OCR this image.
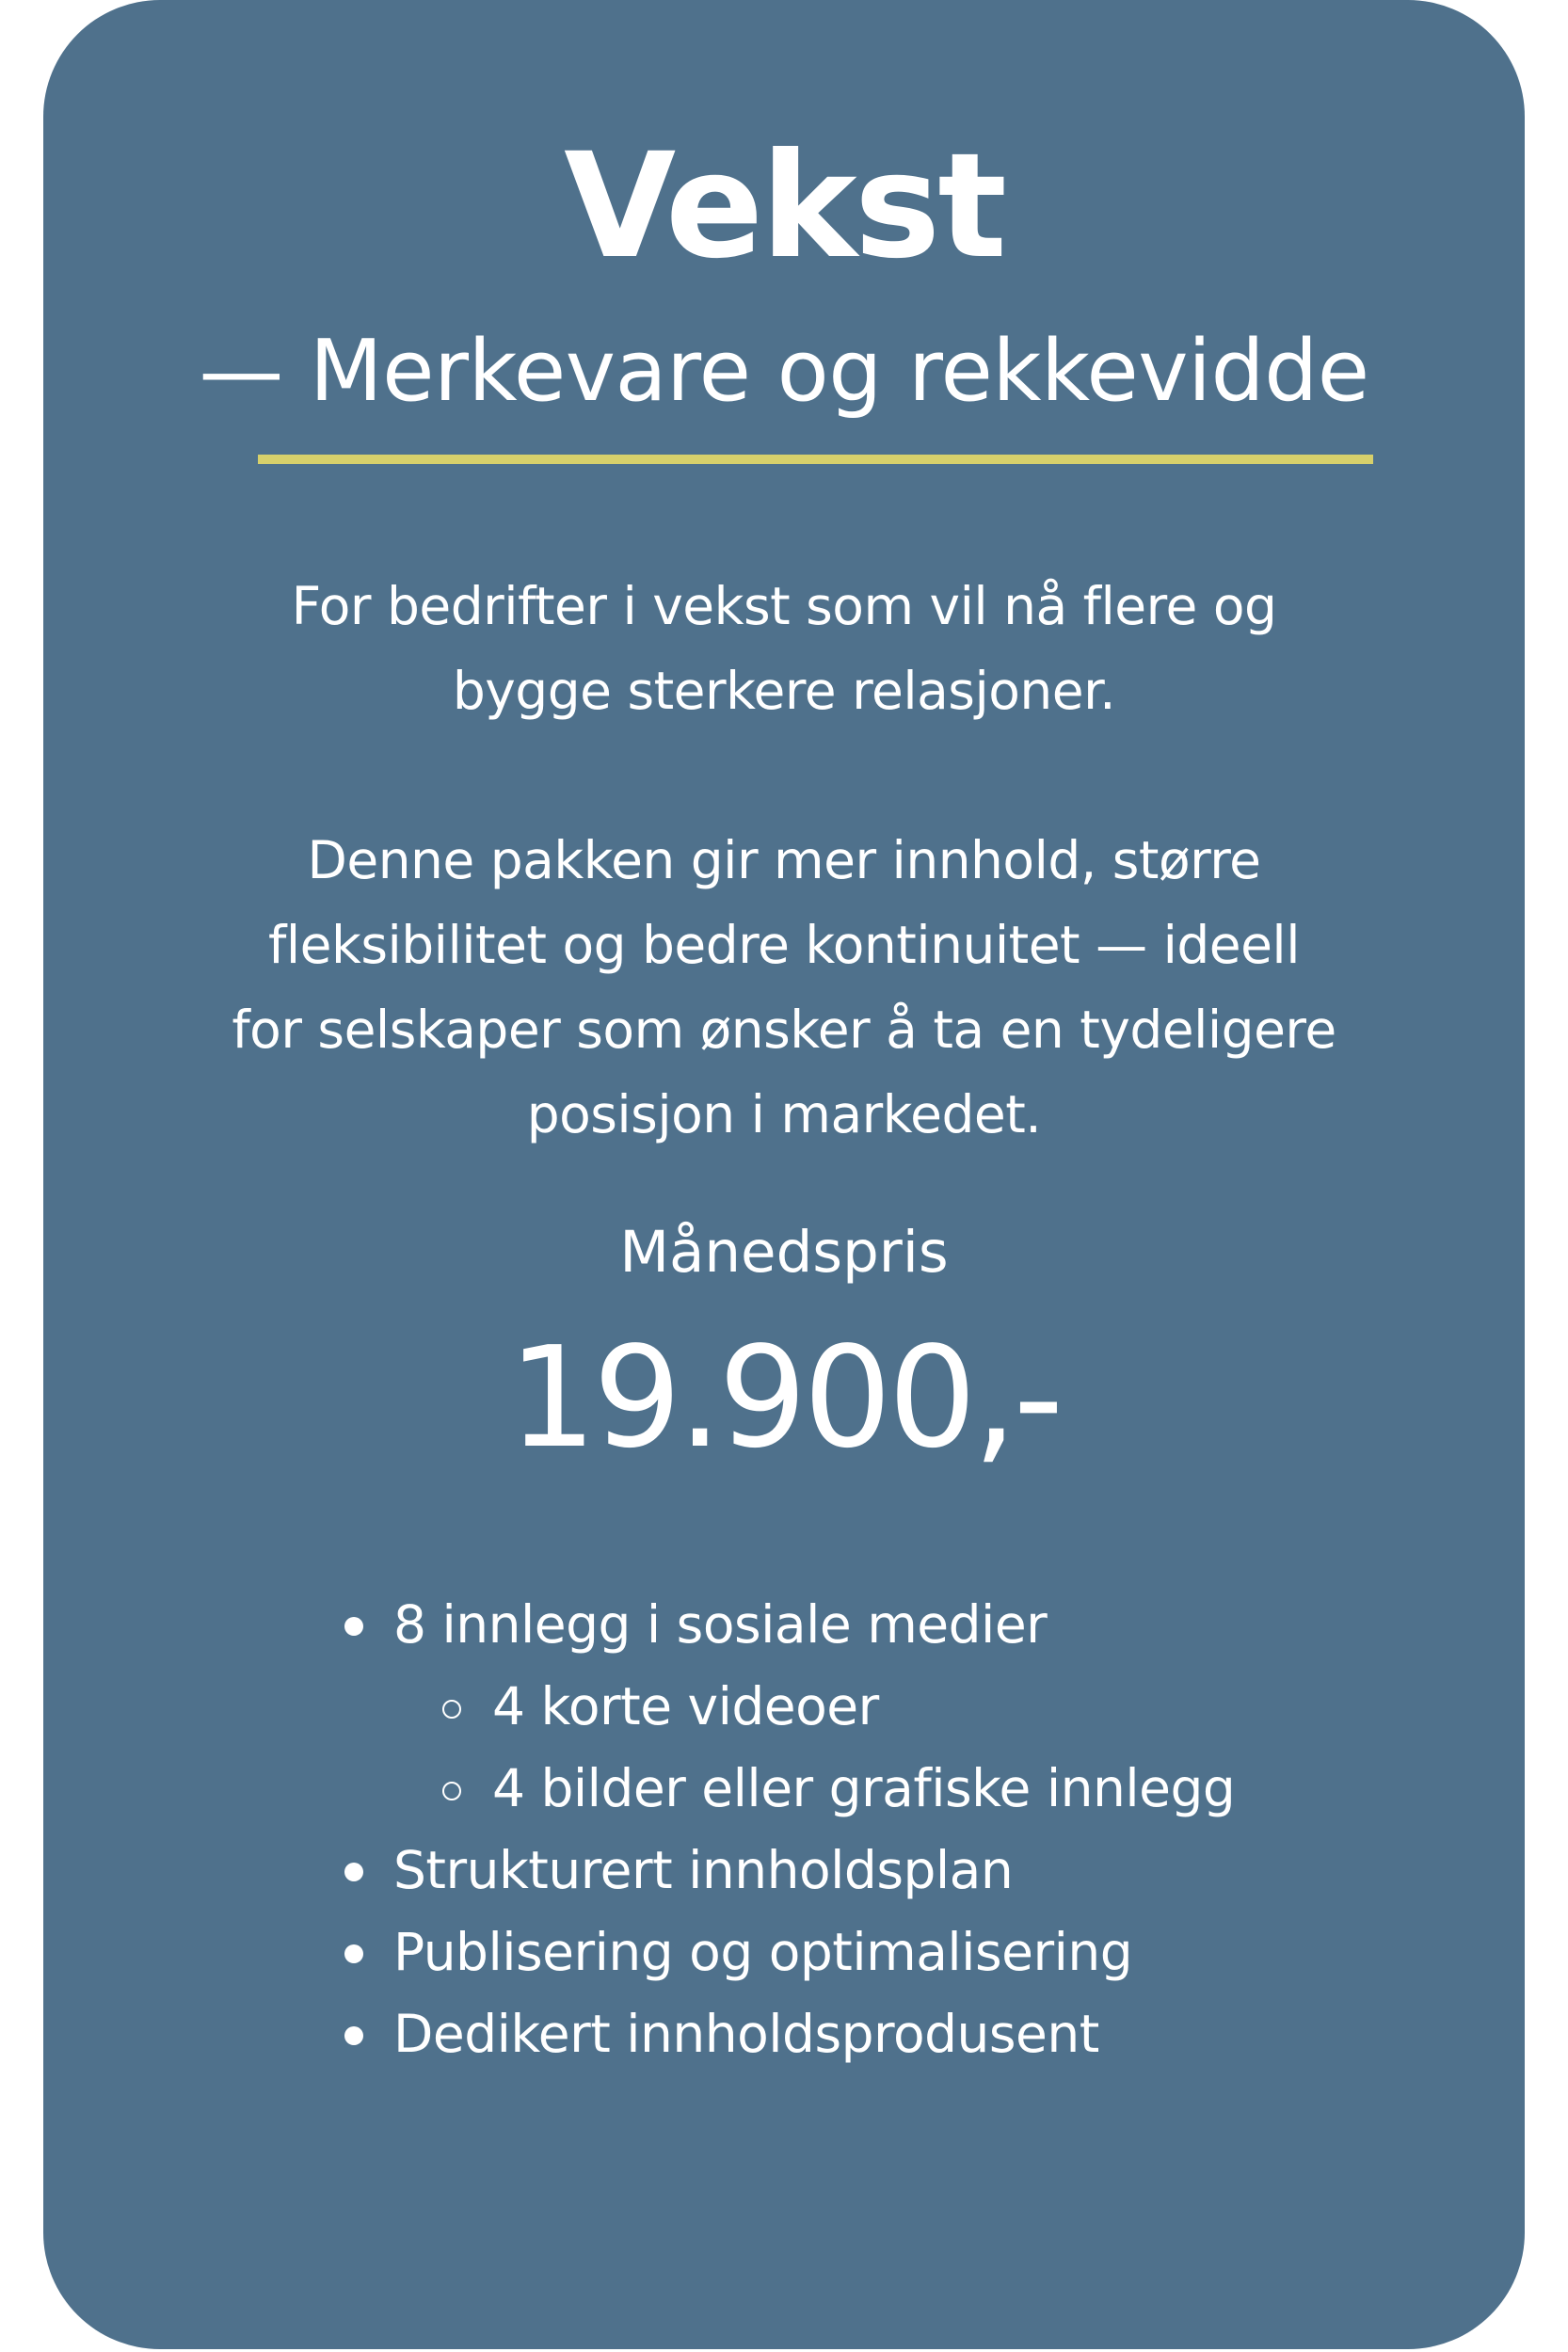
Vekst
— Merkevare og rekkevidde
For bedrifter i vekst som vil nå flere og
bygge sterkere relasjoner.
Denne pakken gir mer innhold, større
fleksibilitet og bedre kontinuitet — ideell
for selskaper som ønsker å ta en tydeligere
posisjon i markedet.
Månedspris
19.900,-
8 innlegg i sosiale medier
4 korte videoer
4 bilder eller grafiske innlegg
Strukturert innholdsplan
Publisering og optimalisering
Dedikert innholdsprodusent
